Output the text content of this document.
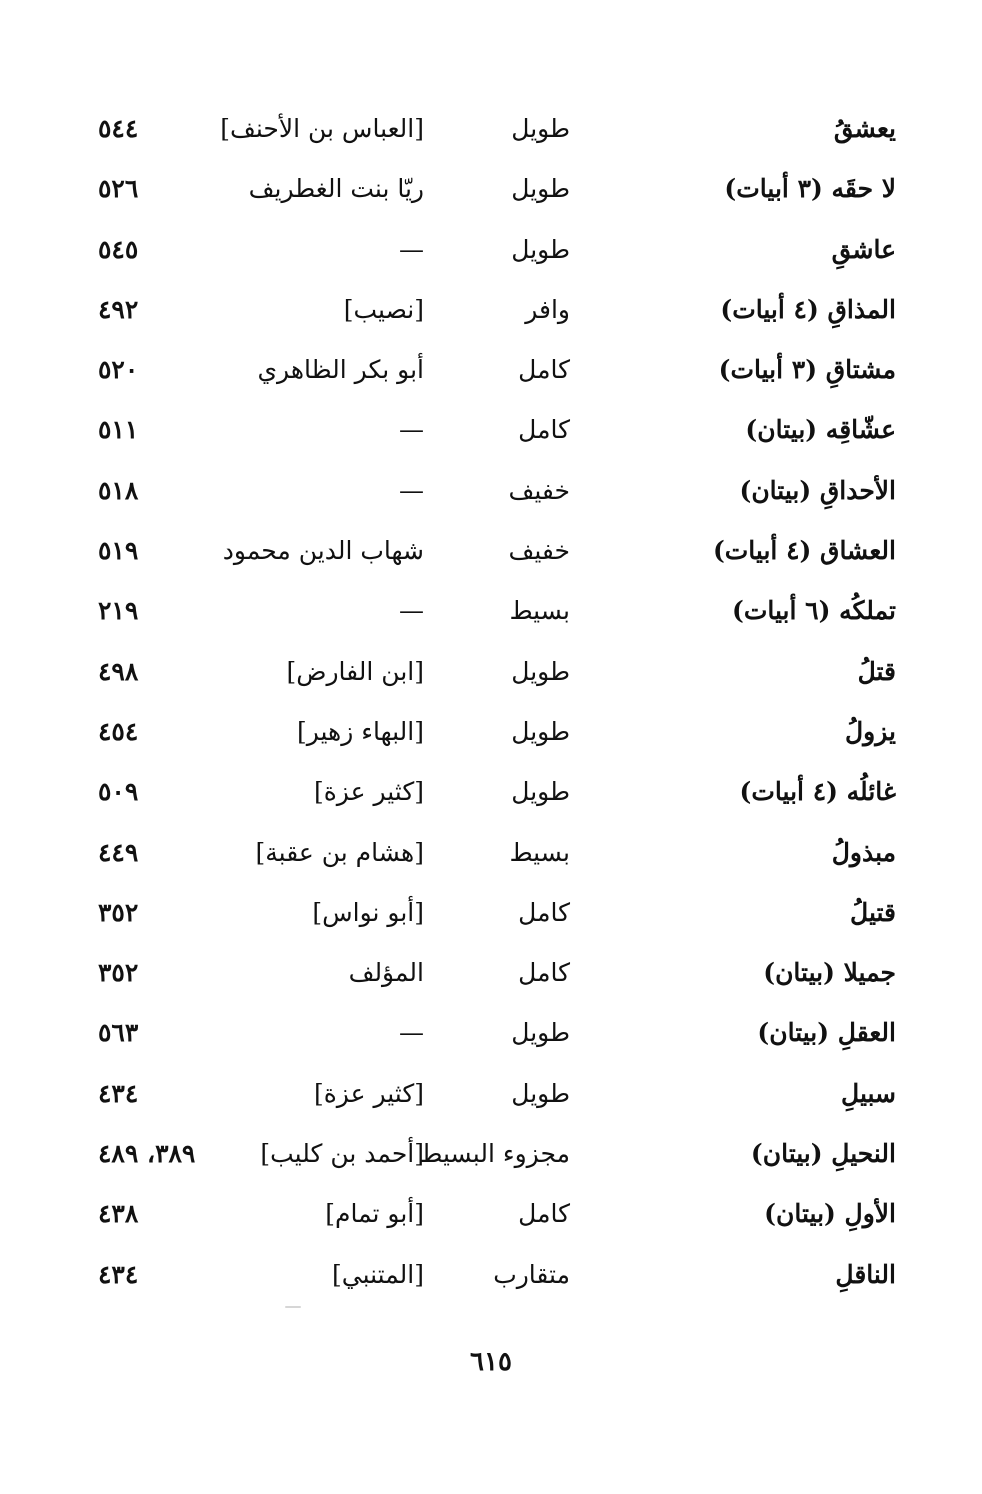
يعشقُ
طويل
[العباس بن الأحنف]
٥٤٤
لا حقَه (٣ أبيات)
طويل
ريّا بنت الغطريف
٥٢٦
عاشقِ
طويل
—
٥٤٥
المذاقِ (٤ أبيات)
وافر
[نصيب]
٤٩٢
مشتاقِ (٣ أبيات)
كامل
أبو بكر الظاهري
٥٢٠
عشّاقِه (بيتان)
كامل
—
٥١١
الأحداقِ (بيتان)
خفيف
—
٥١٨
العشاق (٤ أبيات)
خفيف
شهاب الدين محمود
٥١٩
تملكُه (٦ أبيات)
بسيط
—
٢١٩
قتلُ
طويل
[ابن الفارض]
٤٩٨
يزولُ
طويل
[البهاء زهير]
٤٥٤
غائلُه (٤ أبيات)
طويل
[كثير عزة]
٥٠٩
مبذولُ
بسيط
[هشام بن عقبة]
٤٤٩
قتيلُ
كامل
[أبو نواس]
٣٥٢
جميلا (بيتان)
كامل
المؤلف
٣٥٢
العقلِ (بيتان)
طويل
—
٥٦٣
سبيلِ
طويل
[كثير عزة]
٤٣٤
النحيلِ (بيتان)
مجزوء البسيط
[أحمد بن كليب]
٣٨٩، ٤٨٩
الأولِ (بيتان)
كامل
[أبو تمام]
٤٣٨
الناقلِ
متقارب
[المتنبي]
٤٣٤
٦١٥
